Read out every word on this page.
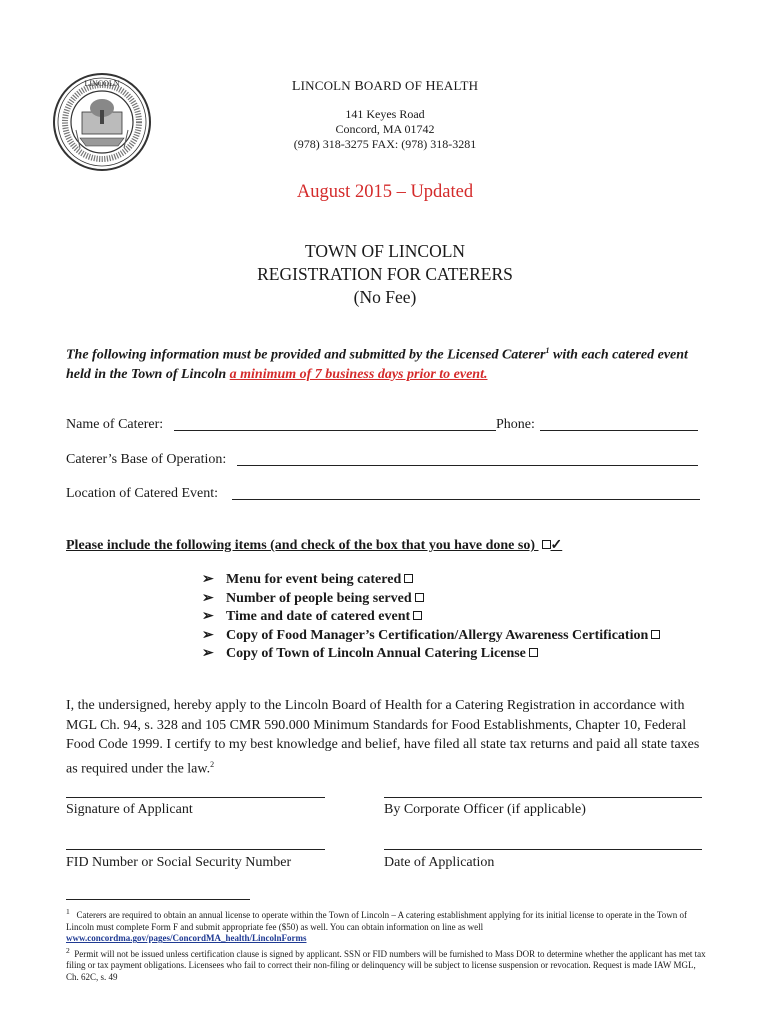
LINCOLN	LINCOLN BOARD OF HEALTH
141 Keyes Road
Concord, MA 01742
(978) 318-3275 FAX: (978) 318-3281
August 2015 – Updated
TOWN OF LINCOLN
REGISTRATION FOR CATERERS
(No Fee)
The following information must be provided and submitted by the Licensed Caterer$^1$ with each catered event held in the Town of Lincoln a minimum of 7 business days prior to event.
Name of Caterer:	Phone:
Caterer’s Base of Operation:
Location of Catered Event:
Please include the following items (and check of the box that you have done so) ✓
➢ Menu for event being catered
➢ Number of people being served
➢ Time and date of catered event
➢ Copy of Food Manager’s Certification/Allergy Awareness Certification
➢ Copy of Town of Lincoln Annual Catering License
I, the undersigned, hereby apply to the Lincoln Board of Health for a Catering Registration in accordance with MGL Ch. 94, s. 328 and 105 CMR 590.000 Minimum Standards for Food Establishments, Chapter 10, Federal Food Code 1999. I certify to my best knowledge and belief, have filed all state tax returns and paid all state taxes as required under the law.$^2$
Signature of Applicant	By Corporate Officer (if applicable)
FID Number or Social Security Number	Date of Application
$^1$ Caterers are required to obtain an annual license to operate within the Town of Lincoln – A catering establishment applying for its initial license to operate in the Town of Lincoln must complete Form F and submit appropriate fee ($50) as well. You can obtain information on line as well
www.concordma.gov/pages/ConcordMA_health/LincolnForms
$^2$ Permit will not be issued unless certification clause is signed by applicant. SSN or FID numbers will be furnished to Mass DOR to determine whether the applicant has met tax filing or tax payment obligations. Licensees who fail to correct their non-filing or delinquency will be subject to license suspension or revocation. Request is made IAW MGL, Ch. 62C, s. 49
